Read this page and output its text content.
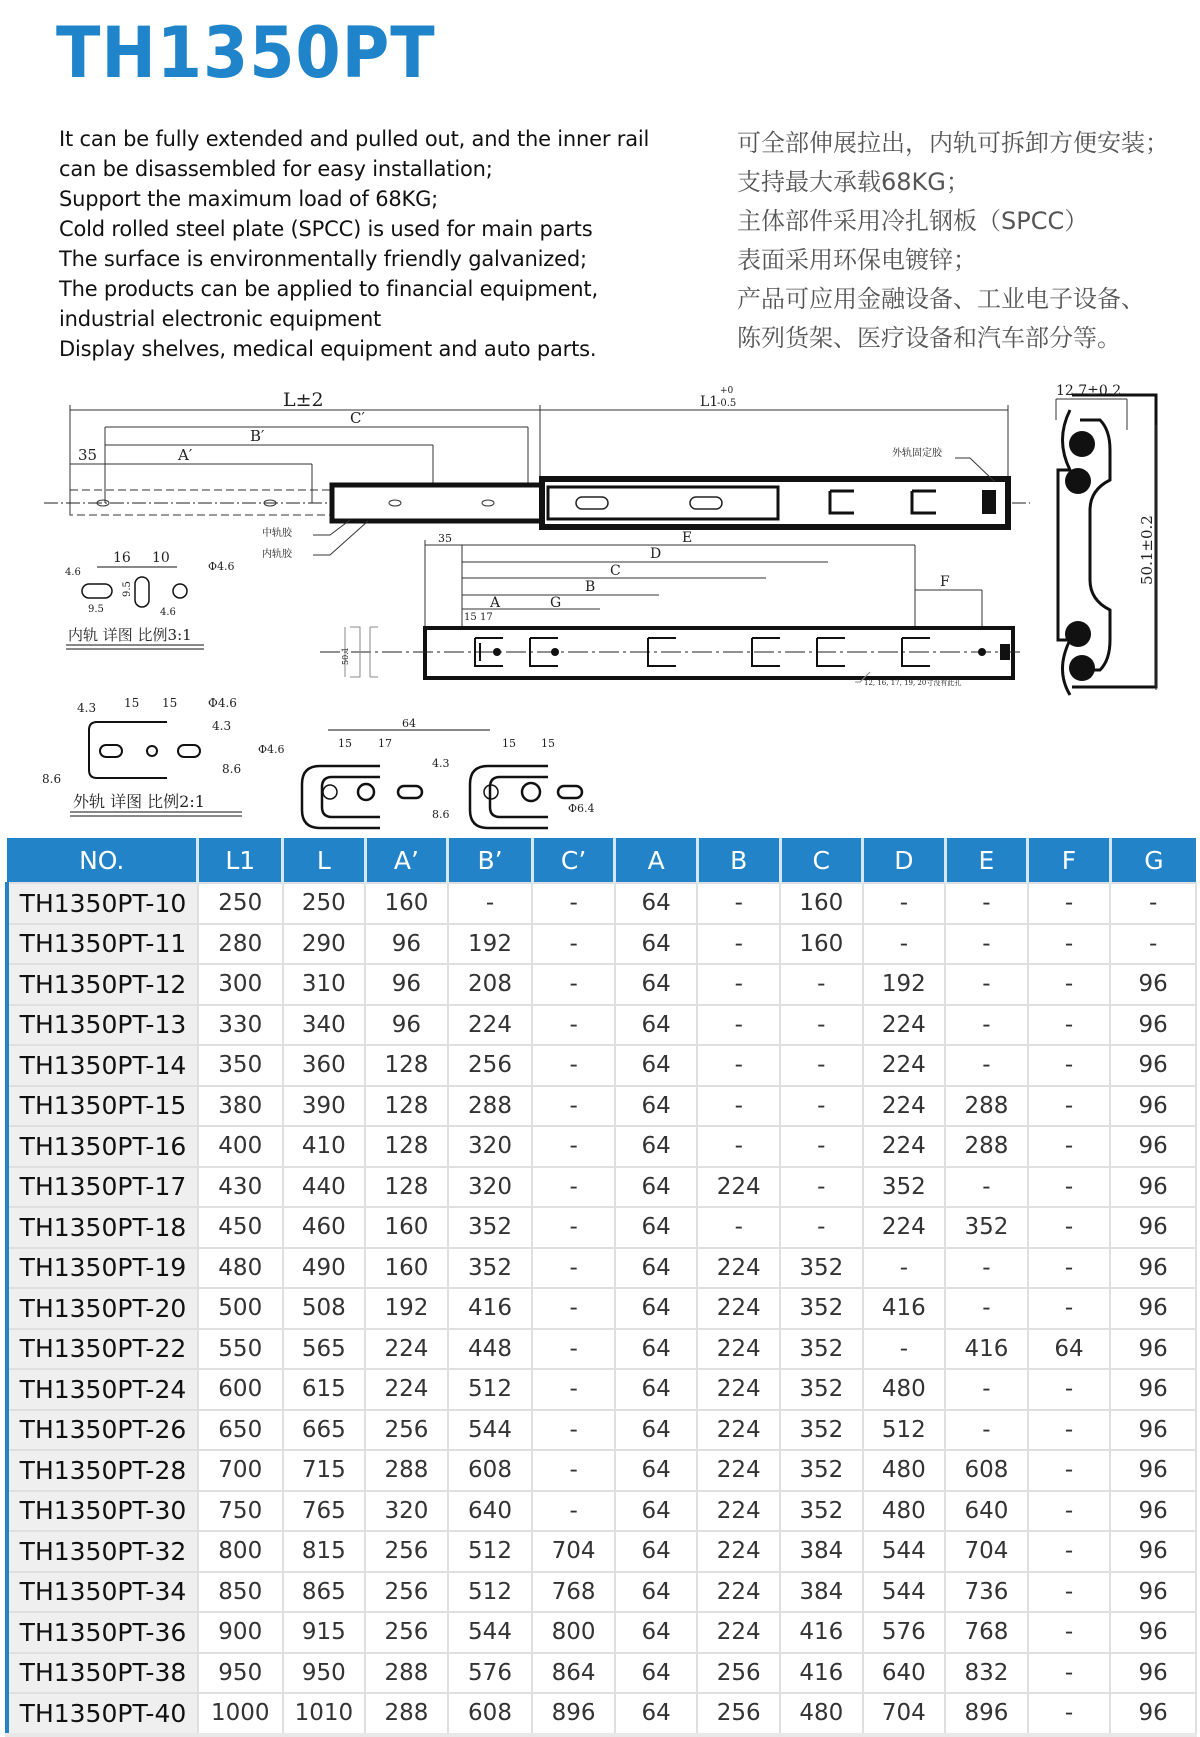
TH1350PT
It can be fully extended and pulled out, and the inner rail
can be disassembled for easy installation;
Support the maximum load of 68KG;
Cold rolled steel plate (SPCC) is used for main parts
The surface is environmentally friendly galvanized;
The products can be applied to financial equipment,
industrial electronic equipment
Display shelves, medical equipment and auto parts.
可全部伸展拉出，内轨可拆卸方便安装；
支持最大承载68KG；
主体部件采用冷扎钢板（SPCC）
表面采用环保电镀锌；
产品可应用金融设备、工业电子设备、
陈列货架、医疗设备和汽车部分等。
L±2	L1
+0
-0.5
C′
B′
35	A′	外轨固定胶
中轨胶
内轨胶
35	E
D
C
B
A	G
F
15 17
12, 16, 17, 19, 20寸没有此孔
50.1
12.7±0.2
50.1±0.2
16 10
4.6
9.5
9.5
4.6
Φ4.6
内轨 详图 比例3:1
4.3 15 15	Φ4.6
4.3
8.6
8.6
外轨 详图 比例2:1
64
15 17	15 15
Φ4.6
4.3
8.6	Φ6.4
NO.	L1	L	A’	B’	C’	A	B	C	D	E	F	G
TH1350PT-10	250	250	160	-	-	64	-	160	-	-	-	-
TH1350PT-11	280	290	96	192	-	64	-	160	-	-	-	-
TH1350PT-12	300	310	96	208	-	64	-	-	192	-	-	96
TH1350PT-13	330	340	96	224	-	64	-	-	224	-	-	96
TH1350PT-14	350	360	128	256	-	64	-	-	224	-	-	96
TH1350PT-15	380	390	128	288	-	64	-	-	224	288	-	96
TH1350PT-16	400	410	128	320	-	64	-	-	224	288	-	96
TH1350PT-17	430	440	128	320	-	64	224	-	352	-	-	96
TH1350PT-18	450	460	160	352	-	64	-	-	224	352	-	96
TH1350PT-19	480	490	160	352	-	64	224	352	-	-	-	96
TH1350PT-20	500	508	192	416	-	64	224	352	416	-	-	96
TH1350PT-22	550	565	224	448	-	64	224	352	-	416	64	96
TH1350PT-24	600	615	224	512	-	64	224	352	480	-	-	96
TH1350PT-26	650	665	256	544	-	64	224	352	512	-	-	96
TH1350PT-28	700	715	288	608	-	64	224	352	480	608	-	96
TH1350PT-30	750	765	320	640	-	64	224	352	480	640	-	96
TH1350PT-32	800	815	256	512	704	64	224	384	544	704	-	96
TH1350PT-34	850	865	256	512	768	64	224	384	544	736	-	96
TH1350PT-36	900	915	256	544	800	64	224	416	576	768	-	96
TH1350PT-38	950	950	288	576	864	64	256	416	640	832	-	96
TH1350PT-40	1000	1010	288	608	896	64	256	480	704	896	-	96
